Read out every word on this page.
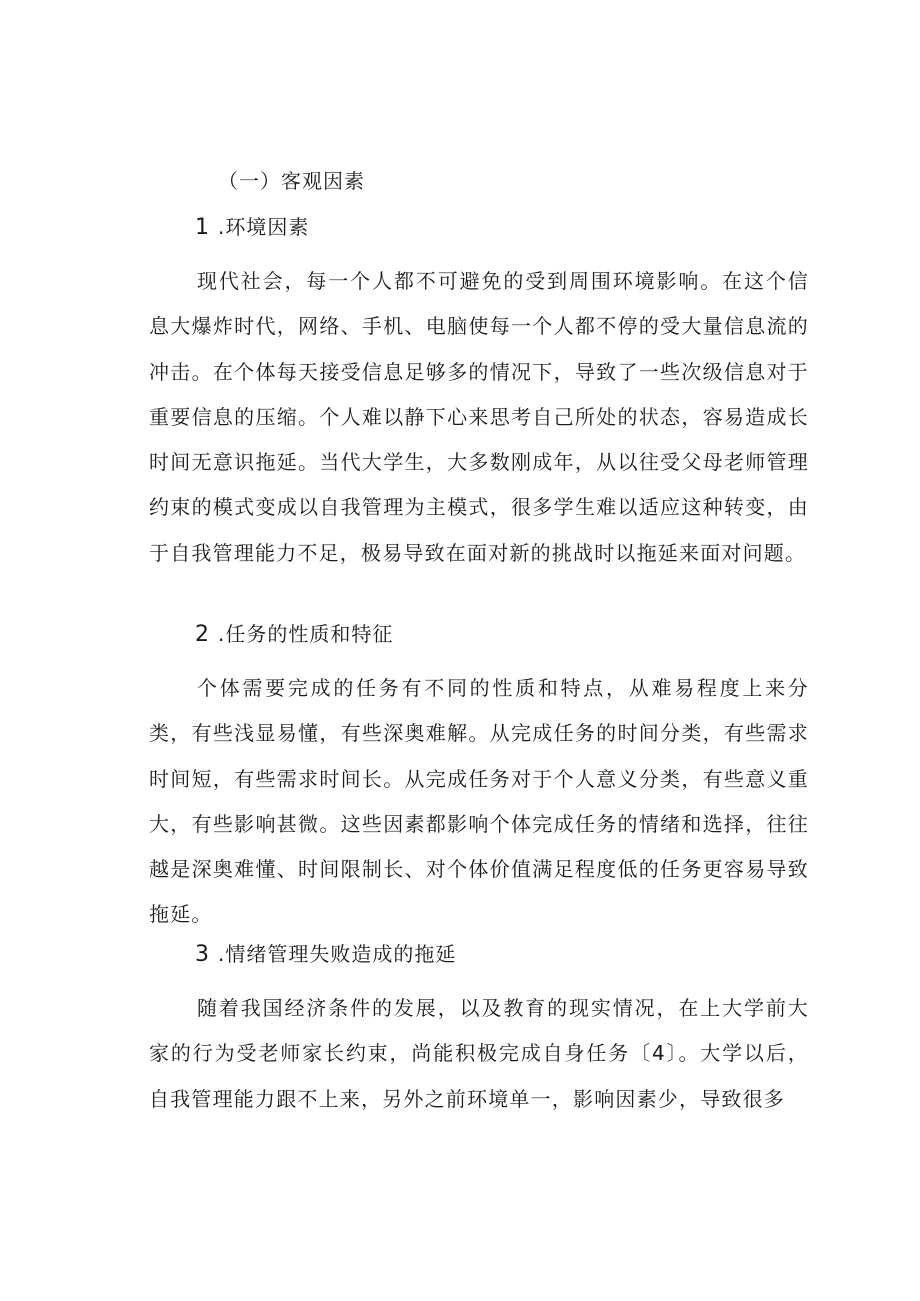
（一）客观因素
1 .环境因素

现代社会，每一个人都不可避免的受到周围环境影响。在这个信息大爆炸时代，网络、手机、电脑使每一个人都不停的受大量信息流的冲击。在个体每天接受信息足够多的情况下，导致了一些次级信息对于重要信息的压缩。个人难以静下心来思考自己所处的状态，容易造成长时间无意识拖延。当代大学生，大多数刚成年，从以往受父母老师管理约束的模式变成以自我管理为主模式，很多学生难以适应这种转变，由于自我管理能力不足，极易导致在面对新的挑战时以拖延来面对问题。

2 .任务的性质和特征

个体需要完成的任务有不同的性质和特点，从难易程度上来分类，有些浅显易懂，有些深奥难解。从完成任务的时间分类，有些需求时间短，有些需求时间长。从完成任务对于个人意义分类，有些意义重大，有些影响甚微。这些因素都影响个体完成任务的情绪和选择，往往越是深奥难懂、时间限制长、对个体价值满足程度低的任务更容易导致拖延。

3 .情绪管理失败造成的拖延

随着我国经济条件的发展，以及教育的现实情况，在上大学前大家的行为受老师家长约束，尚能积极完成自身任务〔4〕。大学以后，自我管理能力跟不上来，另外之前环境单一，影响因素少，导致很多
